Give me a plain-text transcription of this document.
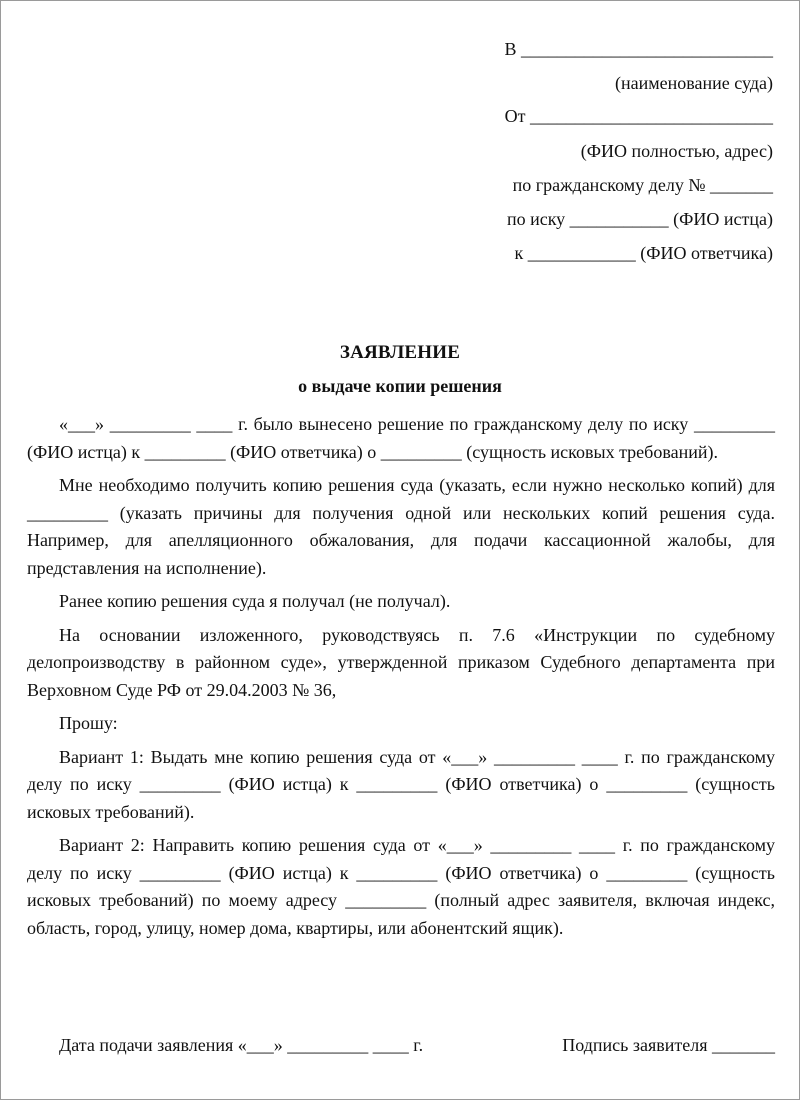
В ____________________________
(наименование суда)
От ___________________________
(ФИО полностью, адрес)
по гражданскому делу № _______
по иску ___________ (ФИО истца)
к ____________ (ФИО ответчика)
ЗАЯВЛЕНИЕ
о выдаче копии решения

«___» _________ ____ г. было вынесено решение по гражданскому делу по иску _________ (ФИО истца) к _________ (ФИО ответчика) о _________ (сущность исковых требований).

Мне необходимо получить копию решения суда (указать, если нужно несколько копий) для _________ (указать причины для получения одной или нескольких копий решения суда. Например, для апелляционного обжалования, для подачи кассационной жалобы, для представления на исполнение).

Ранее копию решения суда я получал (не получал).

На основании изложенного, руководствуясь п. 7.6 «Инструкции по судебному делопроизводству в районном суде», утвержденной приказом Судебного департамента при Верховном Суде РФ от 29.04.2003 № 36,

Прошу:

Вариант 1: Выдать мне копию решения суда от «___» _________ ____ г. по гражданскому делу по иску _________ (ФИО истца) к _________ (ФИО ответчика) о _________ (сущность исковых требований).

Вариант 2: Направить копию решения суда от «___» _________ ____ г. по гражданскому делу по иску _________ (ФИО истца) к _________ (ФИО ответчика) о _________ (сущность исковых требований) по моему адресу _________ (полный адрес заявителя, включая индекс, область, город, улицу, номер дома, квартиры, или абонентский ящик).

Дата подачи заявления «___» _________ ____ г.	Подпись заявителя _______
